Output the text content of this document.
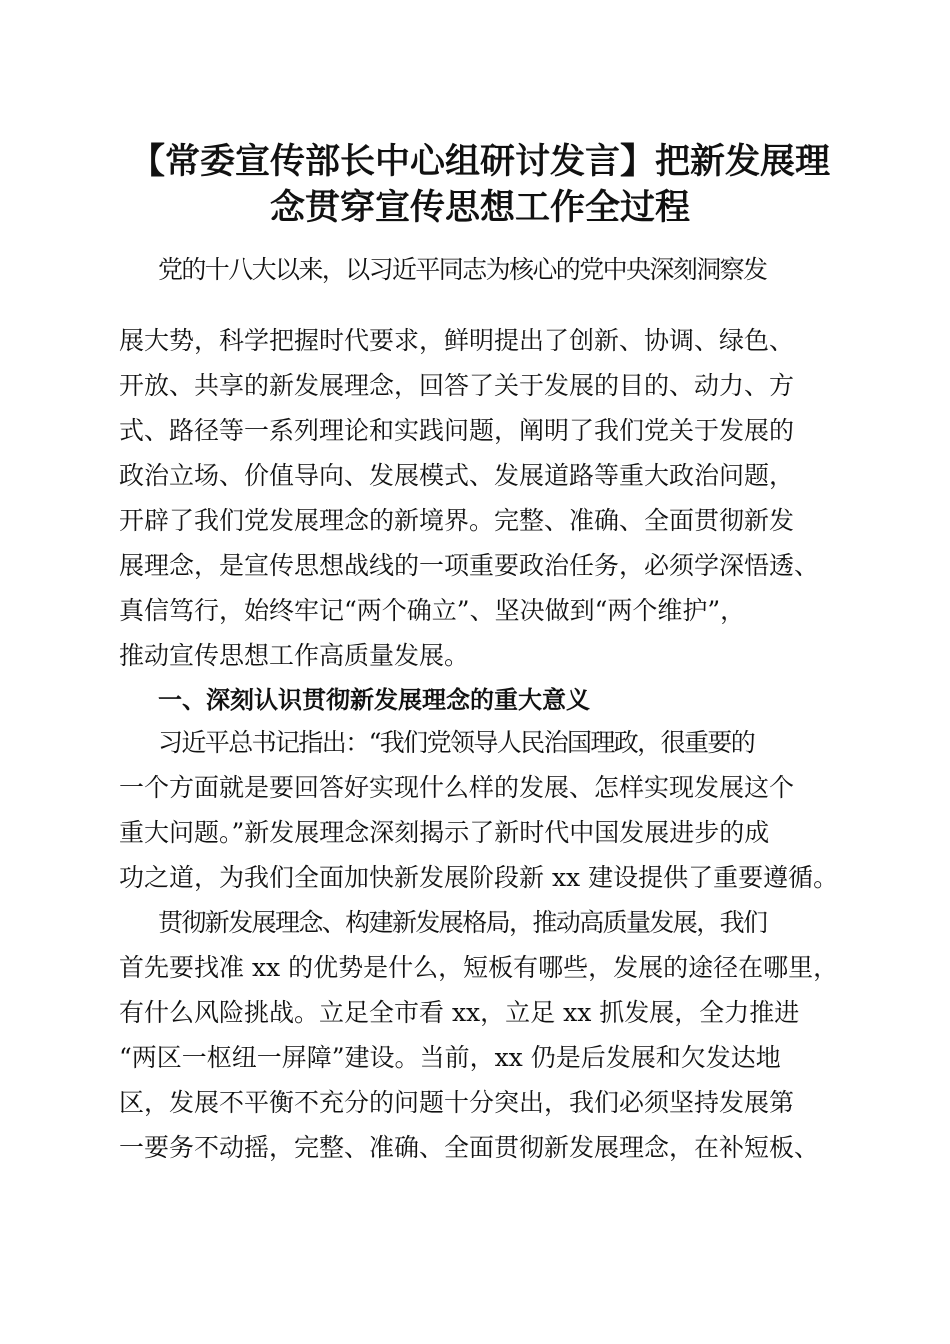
【常委宣传部长中心组研讨发言】把新发展理
念贯穿宣传思想工作全过程

党的十八大以来，以习近平同志为核心的党中央深刻洞察发

展大势，科学把握时代要求，鲜明提出了创新、协调、绿色、

开放、共享的新发展理念，回答了关于发展的目的、动力、方

式、路径等一系列理论和实践问题，阐明了我们党关于发展的

政治立场、价值导向、发展模式、发展道路等重大政治问题，

开辟了我们党发展理念的新境界。完整、准确、全面贯彻新发

展理念，是宣传思想战线的一项重要政治任务，必须学深悟透、

真信笃行，始终牢记“两个确立”、坚决做到“两个维护”，

推动宣传思想工作高质量发展。

一、深刻认识贯彻新发展理念的重大意义

习近平总书记指出：“我们党领导人民治国理政，很重要的

一个方面就是要回答好实现什么样的发展、怎样实现发展这个

重大问题。”新发展理念深刻揭示了新时代中国发展进步的成

功之道，为我们全面加快新发展阶段新 xx 建设提供了重要遵循。

贯彻新发展理念、构建新发展格局，推动高质量发展，我们

首先要找准 xx 的优势是什么，短板有哪些，发展的途径在哪里，

有什么风险挑战。立足全市看 xx，立足 xx 抓发展，全力推进

“两区一枢纽一屏障”建设。当前，xx 仍是后发展和欠发达地

区，发展不平衡不充分的问题十分突出，我们必须坚持发展第

一要务不动摇，完整、准确、全面贯彻新发展理念，在补短板、
